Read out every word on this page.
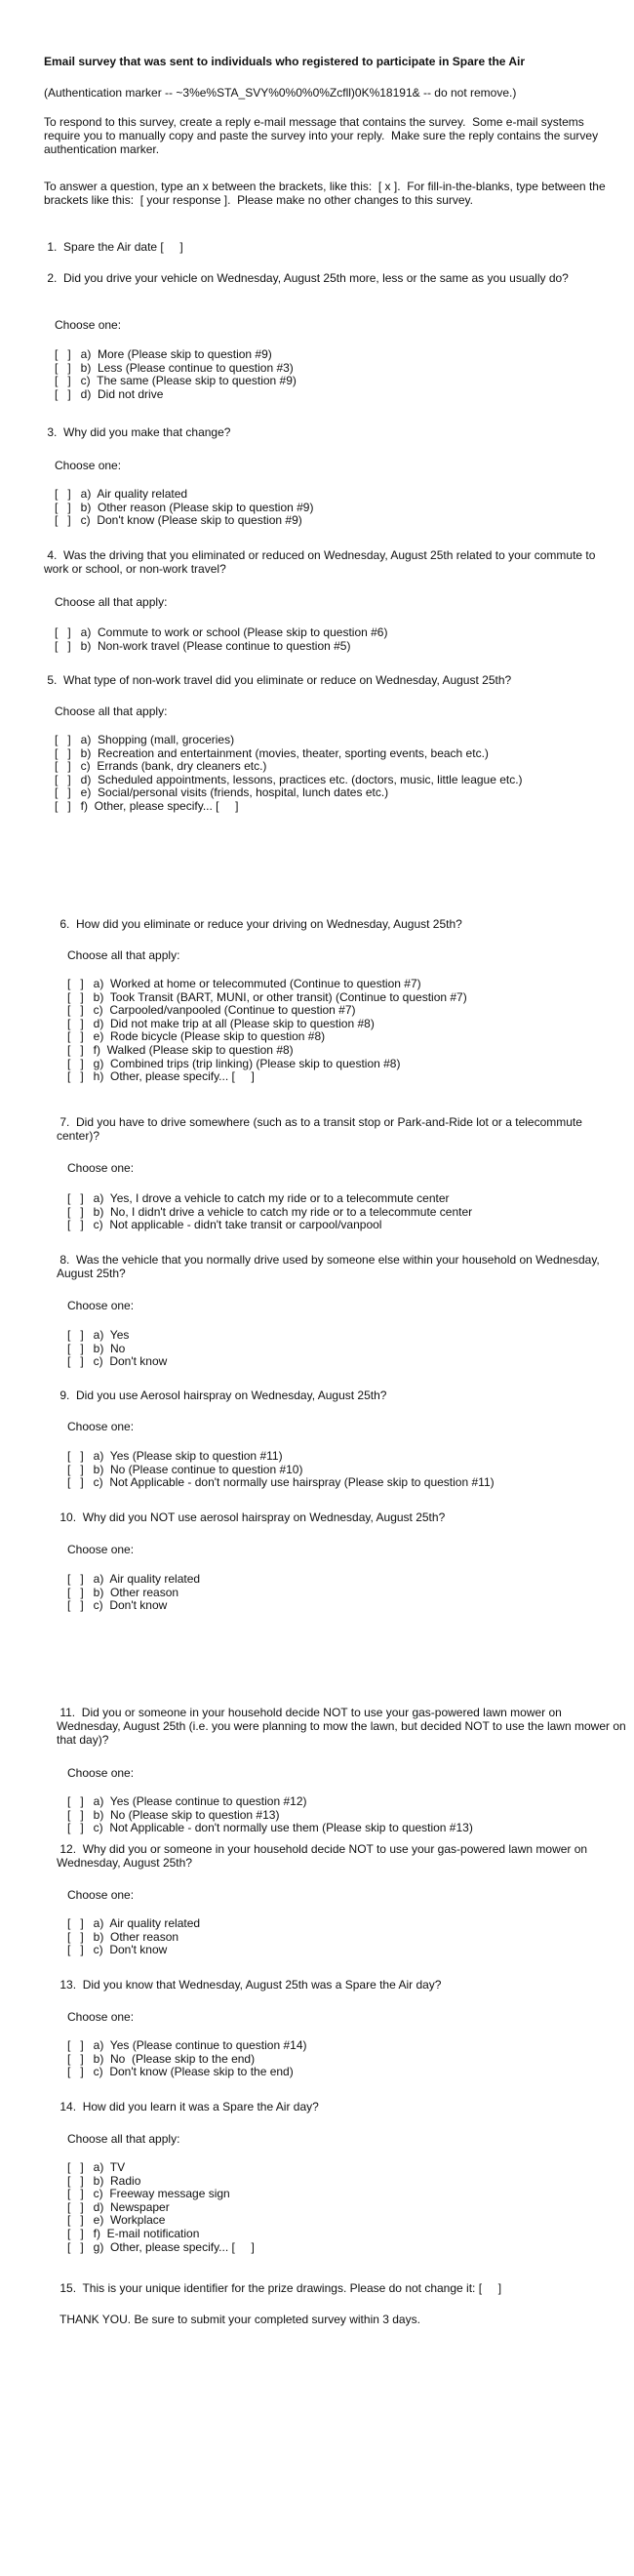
Email survey that was sent to individuals who registered to participate in Spare the Air
(Authentication marker -- ~3%e%STA_SVY%0%0%0%Zcfll)0K%18191& -- do not remove.)
To respond to this survey, create a reply e-mail message that contains the survey.  Some e-mail systems require you to manually copy and paste the survey into your reply.  Make sure the reply contains the survey authentication marker.
To answer a question, type an x between the brackets, like this:  [ x ].  For fill-in-the-blanks, type between the brackets like this:  [ your response ].  Please make no other changes to this survey.
1.  Spare the Air date [     ]
2.  Did you drive your vehicle on Wednesday, August 25th more, less or the same as you usually do?
Choose one:
[   ]   a)  More (Please skip to question #9)
[   ]   b)  Less (Please continue to question #3)
[   ]   c)  The same (Please skip to question #9)
[   ]   d)  Did not drive
3.  Why did you make that change?
Choose one:
[   ]   a)  Air quality related
[   ]   b)  Other reason (Please skip to question #9)
[   ]   c)  Don't know (Please skip to question #9)
4.  Was the driving that you eliminated or reduced on Wednesday, August 25th related to your commute to work or school, or non-work travel?
Choose all that apply:
[   ]   a)  Commute to work or school (Please skip to question #6)
[   ]   b)  Non-work travel (Please continue to question #5)
5.  What type of non-work travel did you eliminate or reduce on Wednesday, August 25th?
Choose all that apply:
[   ]   a)  Shopping (mall, groceries)
[   ]   b)  Recreation and entertainment (movies, theater, sporting events, beach etc.)
[   ]   c)  Errands (bank, dry cleaners etc.)
[   ]   d)  Scheduled appointments, lessons, practices etc. (doctors, music, little league etc.)
[   ]   e)  Social/personal visits (friends, hospital, lunch dates etc.)
[   ]   f)  Other, please specify... [     ]
6.  How did you eliminate or reduce your driving on Wednesday, August 25th?
Choose all that apply:
[   ]   a)  Worked at home or telecommuted (Continue to question #7)
[   ]   b)  Took Transit (BART, MUNI, or other transit) (Continue to question #7)
[   ]   c)  Carpooled/vanpooled (Continue to question #7)
[   ]   d)  Did not make trip at all (Please skip to question #8)
[   ]   e)  Rode bicycle (Please skip to question #8)
[   ]   f)  Walked (Please skip to question #8)
[   ]   g)  Combined trips (trip linking) (Please skip to question #8)
[   ]   h)  Other, please specify... [     ]
7.  Did you have to drive somewhere (such as to a transit stop or Park-and-Ride lot or a telecommute center)?
Choose one:
[   ]   a)  Yes, I drove a vehicle to catch my ride or to a telecommute center
[   ]   b)  No, I didn't drive a vehicle to catch my ride or to a telecommute center
[   ]   c)  Not applicable - didn't take transit or carpool/vanpool
8.  Was the vehicle that you normally drive used by someone else within your household on Wednesday, August 25th?
Choose one:
[   ]   a)  Yes
[   ]   b)  No
[   ]   c)  Don't know
9.  Did you use Aerosol hairspray on Wednesday, August 25th?
Choose one:
[   ]   a)  Yes (Please skip to question #11)
[   ]   b)  No (Please continue to question #10)
[   ]   c)  Not Applicable - don't normally use hairspray (Please skip to question #11)
10.  Why did you NOT use aerosol hairspray on Wednesday, August 25th?
Choose one:
[   ]   a)  Air quality related
[   ]   b)  Other reason
[   ]   c)  Don't know
11.  Did you or someone in your household decide NOT to use your gas-powered lawn mower on Wednesday, August 25th (i.e. you were planning to mow the lawn, but decided NOT to use the lawn mower on that day)?
Choose one:
[   ]   a)  Yes (Please continue to question #12)
[   ]   b)  No (Please skip to question #13)
[   ]   c)  Not Applicable - don't normally use them (Please skip to question #13)
12.  Why did you or someone in your household decide NOT to use your gas-powered lawn mower on Wednesday, August 25th?
Choose one:
[   ]   a)  Air quality related
[   ]   b)  Other reason
[   ]   c)  Don't know
13.  Did you know that Wednesday, August 25th was a Spare the Air day?
Choose one:
[   ]   a)  Yes (Please continue to question #14)
[   ]   b)  No  (Please skip to the end)
[   ]   c)  Don't know (Please skip to the end)
14.  How did you learn it was a Spare the Air day?
Choose all that apply:
[   ]   a)  TV
[   ]   b)  Radio
[   ]   c)  Freeway message sign
[   ]   d)  Newspaper
[   ]   e)  Workplace
[   ]   f)  E-mail notification
[   ]   g)  Other, please specify... [     ]
15.  This is your unique identifier for the prize drawings. Please do not change it: [     ]
THANK YOU. Be sure to submit your completed survey within 3 days.
